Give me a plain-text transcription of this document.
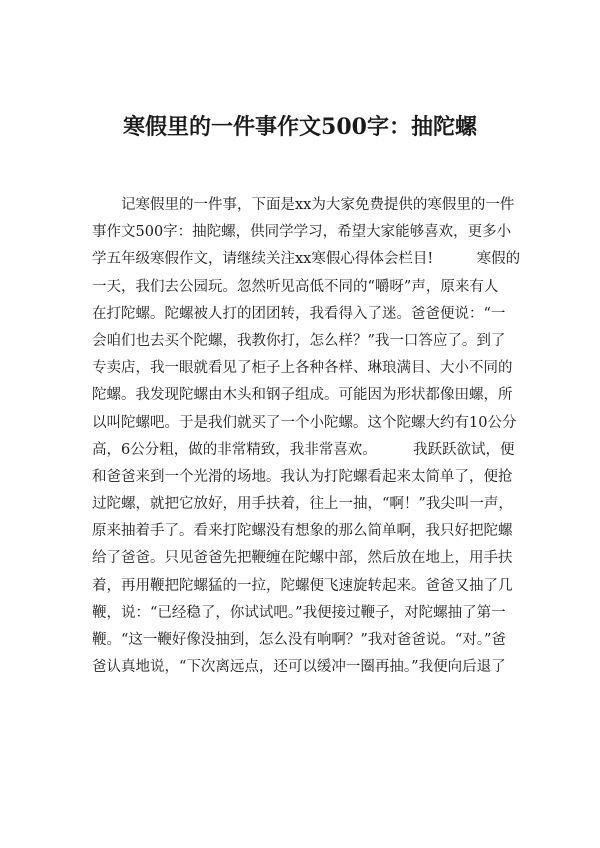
寒假里的一件事作文500字：抽陀螺
　　记寒假里的一件事，下面是xx为大家免费提供的寒假里的一件
事作文500字：抽陀螺，供同学学习，希望大家能够喜欢，更多小
学五年级寒假作文，请继续关注xx寒假心得体会栏目!　　　寒假的
一天，我们去公园玩。忽然听见高低不同的“嚼呀”声，原来有人
在打陀螺。陀螺被人打的团团转，我看得入了迷。爸爸便说：“一
会咱们也去买个陀螺，我教你打，怎么样？”我一口答应了。到了
专卖店，我一眼就看见了柜子上各种各样、琳琅满目、大小不同的
陀螺。我发现陀螺由木头和钢子组成。可能因为形状都像田螺，所
以叫陀螺吧。于是我们就买了一个小陀螺。这个陀螺大约有10公分
高，6公分粗，做的非常精致，我非常喜欢。　　　我跃跃欲试，便
和爸爸来到一个光滑的场地。我认为打陀螺看起来太简单了，便抢
过陀螺，就把它放好，用手扶着，往上一抽，“啊！”我尖叫一声，
原来抽着手了。看来打陀螺没有想象的那么简单啊，我只好把陀螺
给了爸爸。只见爸爸先把鞭缠在陀螺中部，然后放在地上，用手扶
着，再用鞭把陀螺猛的一拉，陀螺便飞速旋转起来。爸爸又抽了几
鞭，说：“已经稳了，你试试吧。”我便接过鞭子，对陀螺抽了第一
鞭。“这一鞭好像没抽到，怎么没有响啊？”我对爸爸说。“对。”爸
爸认真地说，“下次离远点，还可以缓冲一圈再抽。”我便向后退了
